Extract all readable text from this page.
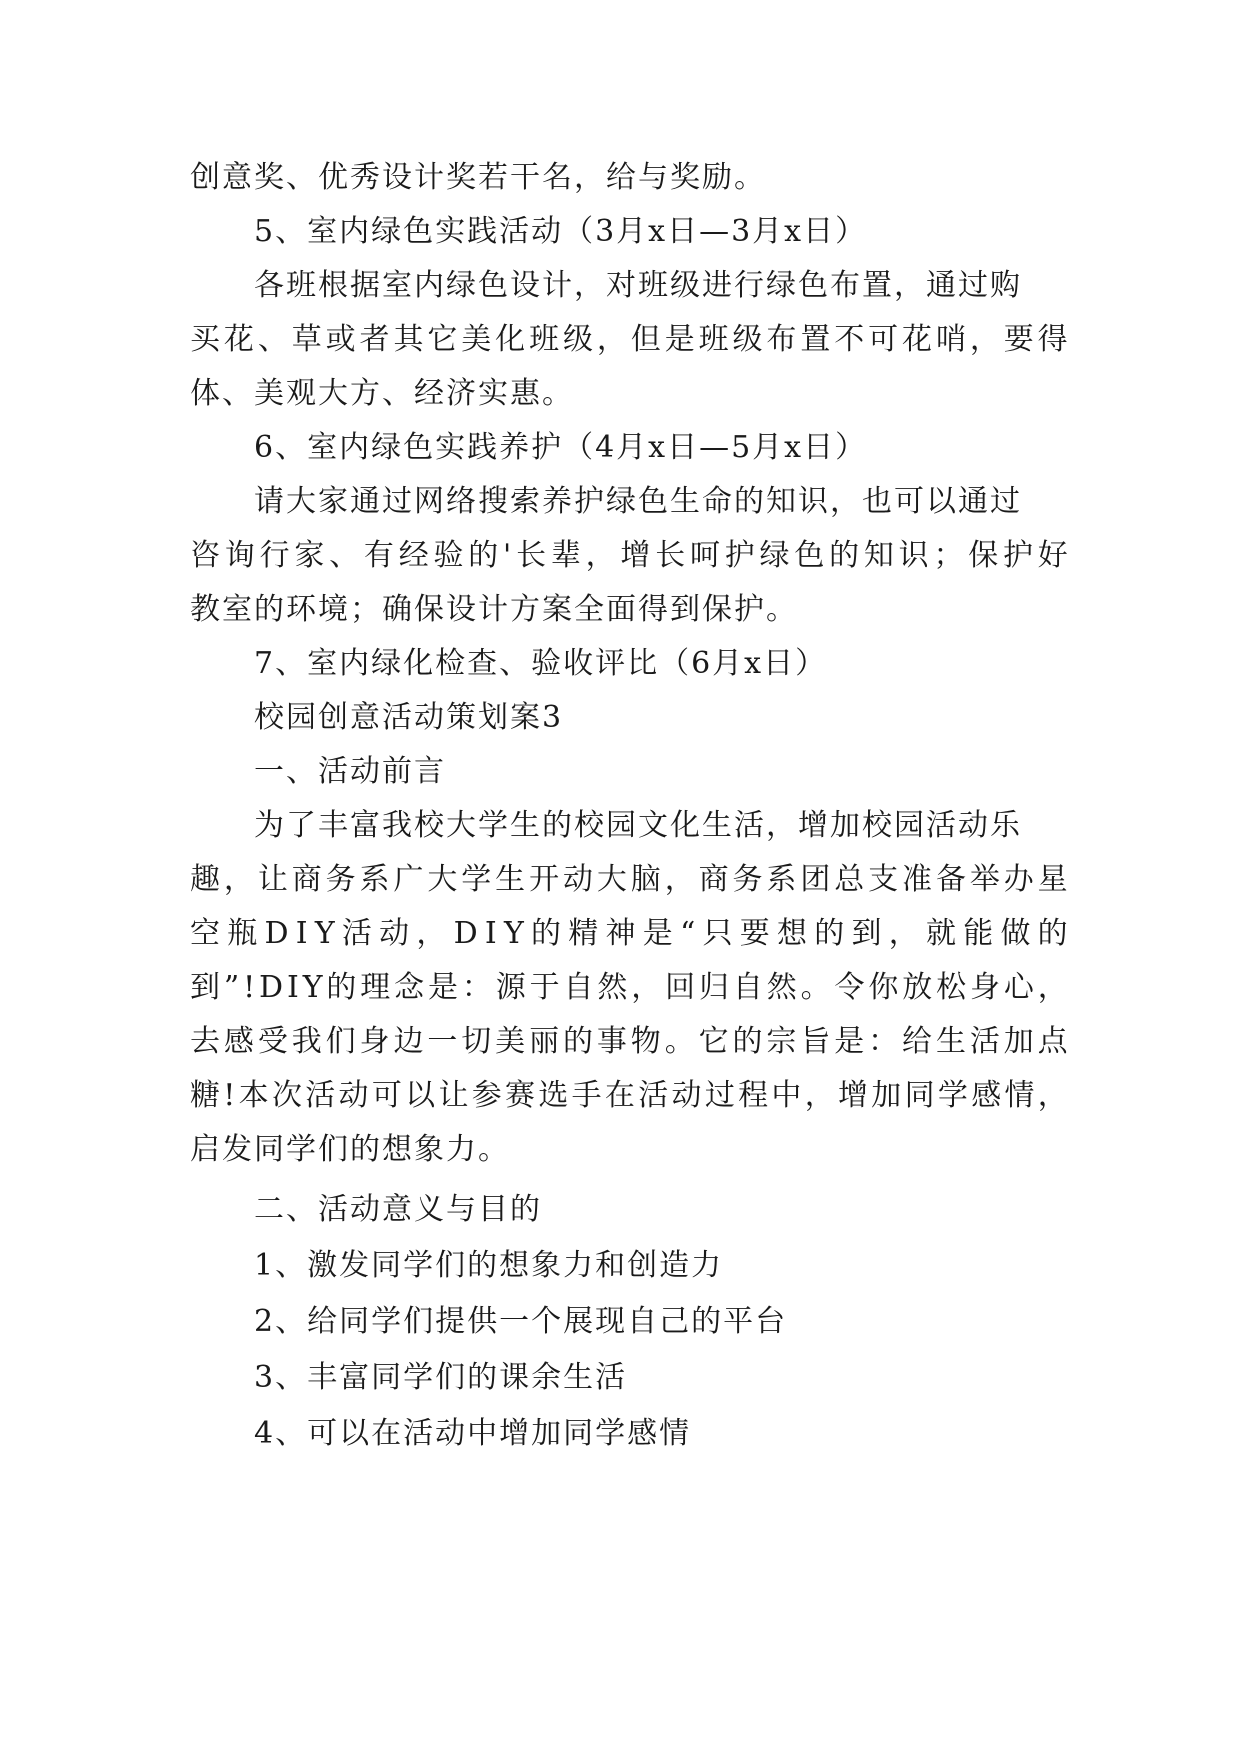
创意奖、优秀设计奖若干名，给与奖励。
5、室内绿色实践活动（3月x日—3月x日）
各班根据室内绿色设计，对班级进行绿色布置，通过购
买 花 、 草 或 者 其 它 美 化 班 级 ， 但 是 班 级 布 置 不 可 花 哨 ， 要 得
体、美观大方、经济实惠。
6、室内绿色实践养护（4月x日—5月x日）
请大家通过网络搜索养护绿色生命的知识，也可以通过
咨 询 行 家 、 有 经 验 的 ' 长 辈 ， 增 长 呵 护 绿 色 的 知 识 ； 保 护 好
教室的环境；确保设计方案全面得到保护。
7、室内绿化检查、验收评比（6月x日）
校园创意活动策划案3
一、活动前言
为了丰富我校大学生的校园文化生活，增加校园活动乐
趣 ， 让 商 务 系 广 大 学 生 开 动 大 脑 ， 商 务 系 团 总 支 准 备 举 办 星
空 瓶 D I Y 活 动 ， D I Y 的 精 神 是 “ 只 要 想 的 到 ， 就 能 做 的
到 ” ! D I Y 的 理 念 是 ： 源 于 自 然 ， 回 归 自 然 。 令 你 放 松 身 心 ，
去 感 受 我 们 身 边 一 切 美 丽 的 事 物 。 它 的 宗 旨 是 ： 给 生 活 加 点
糖 ! 本 次 活 动 可 以 让 参 赛 选 手 在 活 动 过 程 中 ， 增 加 同 学 感 情 ，
启发同学们的想象力。
二、活动意义与目的
1、激发同学们的想象力和创造力
2、给同学们提供一个展现自己的平台
3、丰富同学们的课余生活
4、可以在活动中增加同学感情
